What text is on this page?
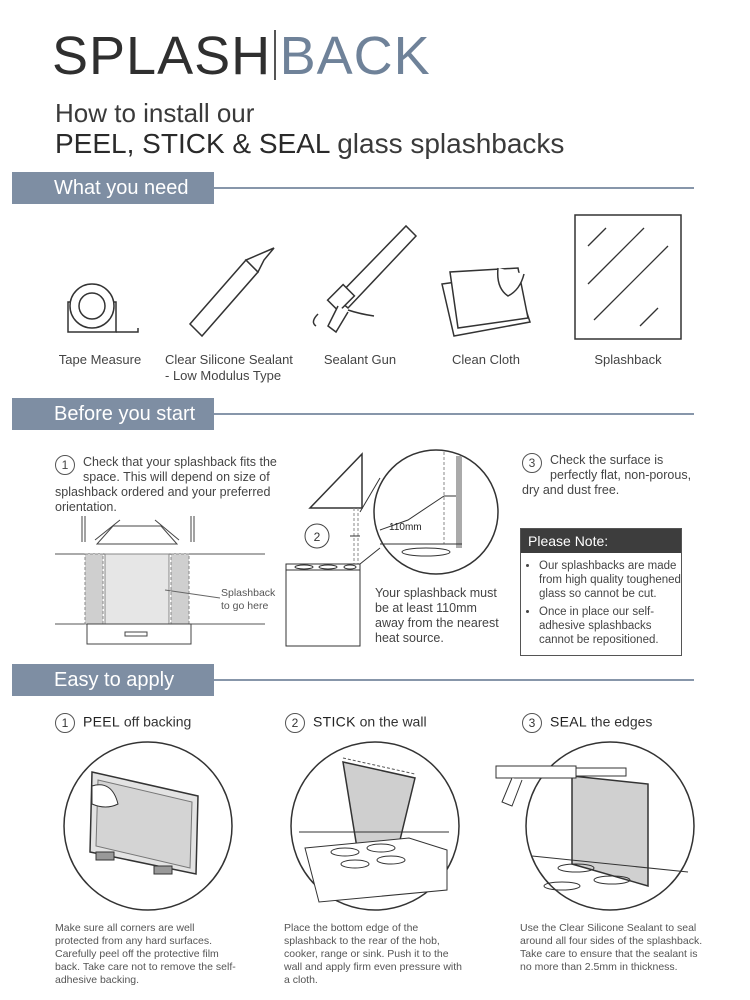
SPLASH BACK
How to install our
PEEL, STICK & SEAL glass splashbacks
What you need
Tape Measure	Clear Silicone Sealant
- Low Modulus Type
Sealant Gun	Clean Cloth	Splashback
Before you start
1	Check that your splashback fits the space. This will depend on size of splashback ordered and your preferred orientation.
Splashback
to go here
2
110mm
Your splashback must be at least 110mm away from the nearest heat source.
3	Check the surface is perfectly flat, non-porous, dry and dust free.
Please Note:
• Our splashbacks are made from high quality toughened glass so cannot be cut.
• Once in place our self-adhesive splashbacks cannot be repositioned.
Easy to apply
1 PEEL off backing	2 STICK on the wall	3 SEAL the edges
Make sure all corners are well protected from any hard surfaces. Carefully peel off the protective film back. Take care not to remove the self-adhesive backing.
Place the bottom edge of the splashback to the rear of the hob, cooker, range or sink. Push it to the wall and apply firm even pressure with a cloth.
Use the Clear Silicone Sealant to seal around all four sides of the splashback. Take care to ensure that the sealant is no more than 2.5mm in thickness.
